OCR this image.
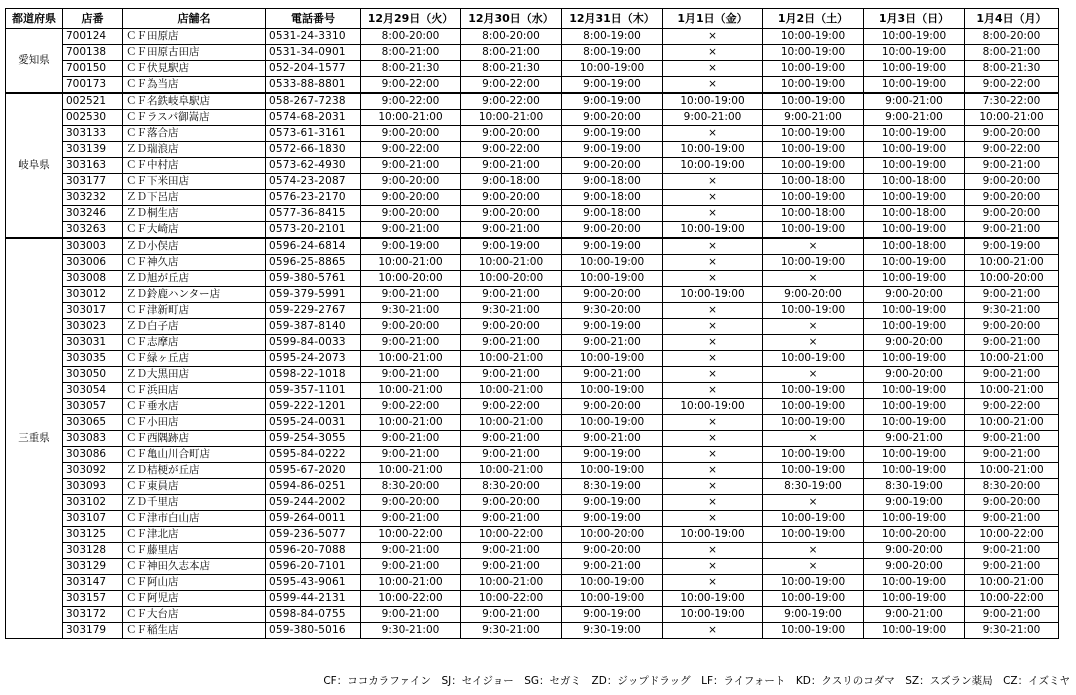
都道府県	店番	店舗名	電話番号	12月29日（火）	12月30日（水）	12月31日（木）	1月1日（金）	1月2日（土）	1月3日（日）	1月4日（月）
愛知県	700124	ＣＦ田原店	0531-24-3310	8:00-20:00	8:00-20:00	8:00-19:00	×	10:00-19:00	10:00-19:00	8:00-20:00
	700138	ＣＦ田原古田店	0531-34-0901	8:00-21:00	8:00-21:00	8:00-19:00	×	10:00-19:00	10:00-19:00	8:00-21:00
	700150	ＣＦ伏見駅店	052-204-1577	8:00-21:30	8:00-21:30	10:00-19:00	×	10:00-19:00	10:00-19:00	8:00-21:30
	700173	ＣＦ為当店	0533-88-8801	9:00-22:00	9:00-22:00	9:00-19:00	×	10:00-19:00	10:00-19:00	9:00-22:00
岐阜県	002521	ＣＦ名鉄岐阜駅店	058-267-7238	9:00-22:00	9:00-22:00	9:00-19:00	10:00-19:00	10:00-19:00	9:00-21:00	7:30-22:00
	002530	ＣＦラスパ御嵩店	0574-68-2031	10:00-21:00	10:00-21:00	9:00-20:00	9:00-21:00	9:00-21:00	9:00-21:00	10:00-21:00
	303133	ＣＦ落合店	0573-61-3161	9:00-20:00	9:00-20:00	9:00-19:00	×	10:00-19:00	10:00-19:00	9:00-20:00
	303139	ＺＤ瑞浪店	0572-66-1830	9:00-22:00	9:00-22:00	9:00-19:00	10:00-19:00	10:00-19:00	10:00-19:00	9:00-22:00
	303163	ＣＦ中村店	0573-62-4930	9:00-21:00	9:00-21:00	9:00-20:00	10:00-19:00	10:00-19:00	10:00-19:00	9:00-21:00
	303177	ＣＦ下米田店	0574-23-2087	9:00-20:00	9:00-18:00	9:00-18:00	×	10:00-18:00	10:00-18:00	9:00-20:00
	303232	ＺＤ下呂店	0576-23-2170	9:00-20:00	9:00-20:00	9:00-18:00	×	10:00-19:00	10:00-19:00	9:00-20:00
	303246	ＺＤ桐生店	0577-36-8415	9:00-20:00	9:00-20:00	9:00-18:00	×	10:00-18:00	10:00-18:00	9:00-20:00
	303263	ＣＦ大崎店	0573-20-2101	9:00-21:00	9:00-21:00	9:00-20:00	10:00-19:00	10:00-19:00	10:00-19:00	9:00-21:00
三重県	303003	ＺＤ小俣店	0596-24-6814	9:00-19:00	9:00-19:00	9:00-19:00	×	×	10:00-18:00	9:00-19:00
	303006	ＣＦ神久店	0596-25-8865	10:00-21:00	10:00-21:00	10:00-19:00	×	10:00-19:00	10:00-19:00	10:00-21:00
	303008	ＺＤ旭が丘店	059-380-5761	10:00-20:00	10:00-20:00	10:00-19:00	×	×	10:00-19:00	10:00-20:00
	303012	ＺＤ鈴鹿ハンター店	059-379-5991	9:00-21:00	9:00-21:00	9:00-20:00	10:00-19:00	9:00-20:00	9:00-20:00	9:00-21:00
	303017	ＣＦ津新町店	059-229-2767	9:30-21:00	9:30-21:00	9:30-20:00	×	10:00-19:00	10:00-19:00	9:30-21:00
	303023	ＺＤ白子店	059-387-8140	9:00-20:00	9:00-20:00	9:00-19:00	×	×	10:00-19:00	9:00-20:00
	303031	ＣＦ志摩店	0599-84-0033	9:00-21:00	9:00-21:00	9:00-21:00	×	×	9:00-20:00	9:00-21:00
	303035	ＣＦ緑ヶ丘店	0595-24-2073	10:00-21:00	10:00-21:00	10:00-19:00	×	10:00-19:00	10:00-19:00	10:00-21:00
	303050	ＺＤ大黒田店	0598-22-1018	9:00-21:00	9:00-21:00	9:00-21:00	×	×	9:00-20:00	9:00-21:00
	303054	ＣＦ浜田店	059-357-1101	10:00-21:00	10:00-21:00	10:00-19:00	×	10:00-19:00	10:00-19:00	10:00-21:00
	303057	ＣＦ垂水店	059-222-1201	9:00-22:00	9:00-22:00	9:00-20:00	10:00-19:00	10:00-19:00	10:00-19:00	9:00-22:00
	303065	ＣＦ小田店	0595-24-0031	10:00-21:00	10:00-21:00	10:00-19:00	×	10:00-19:00	10:00-19:00	10:00-21:00
	303083	ＣＦ西隅跡店	059-254-3055	9:00-21:00	9:00-21:00	9:00-21:00	×	×	9:00-21:00	9:00-21:00
	303086	ＣＦ亀山川合町店	0595-84-0222	9:00-21:00	9:00-21:00	9:00-19:00	×	10:00-19:00	10:00-19:00	9:00-21:00
	303092	ＺＤ桔梗が丘店	0595-67-2020	10:00-21:00	10:00-21:00	10:00-19:00	×	10:00-19:00	10:00-19:00	10:00-21:00
	303093	ＣＦ東員店	0594-86-0251	8:30-20:00	8:30-20:00	8:30-19:00	×	8:30-19:00	8:30-19:00	8:30-20:00
	303102	ＺＤ千里店	059-244-2002	9:00-20:00	9:00-20:00	9:00-19:00	×	×	9:00-19:00	9:00-20:00
	303107	ＣＦ津市白山店	059-264-0011	9:00-21:00	9:00-21:00	9:00-19:00	×	10:00-19:00	10:00-19:00	9:00-21:00
	303125	ＣＦ津北店	059-236-5077	10:00-22:00	10:00-22:00	10:00-20:00	10:00-19:00	10:00-19:00	10:00-20:00	10:00-22:00
	303128	ＣＦ藤里店	0596-20-7088	9:00-21:00	9:00-21:00	9:00-20:00	×	×	9:00-20:00	9:00-21:00
	303129	ＣＦ神田久志本店	0596-20-7101	9:00-21:00	9:00-21:00	9:00-21:00	×	×	9:00-20:00	9:00-21:00
	303147	ＣＦ阿山店	0595-43-9061	10:00-21:00	10:00-21:00	10:00-19:00	×	10:00-19:00	10:00-19:00	10:00-21:00
	303157	ＣＦ阿児店	0599-44-2131	10:00-22:00	10:00-22:00	10:00-19:00	10:00-19:00	10:00-19:00	10:00-19:00	10:00-22:00
	303172	ＣＦ大台店	0598-84-0755	9:00-21:00	9:00-21:00	9:00-19:00	10:00-19:00	9:00-19:00	9:00-21:00	9:00-21:00
	303179	ＣＦ稲生店	059-380-5016	9:30-21:00	9:30-21:00	9:30-19:00	×	10:00-19:00	10:00-19:00	9:30-21:00
CF：ココカラファイン　SJ：セイジョー　SG：セガミ　ZD：ジップドラッグ　LF：ライフォート　KD：クスリのコダマ　SZ：スズラン薬局　CZ：イズミヤ
